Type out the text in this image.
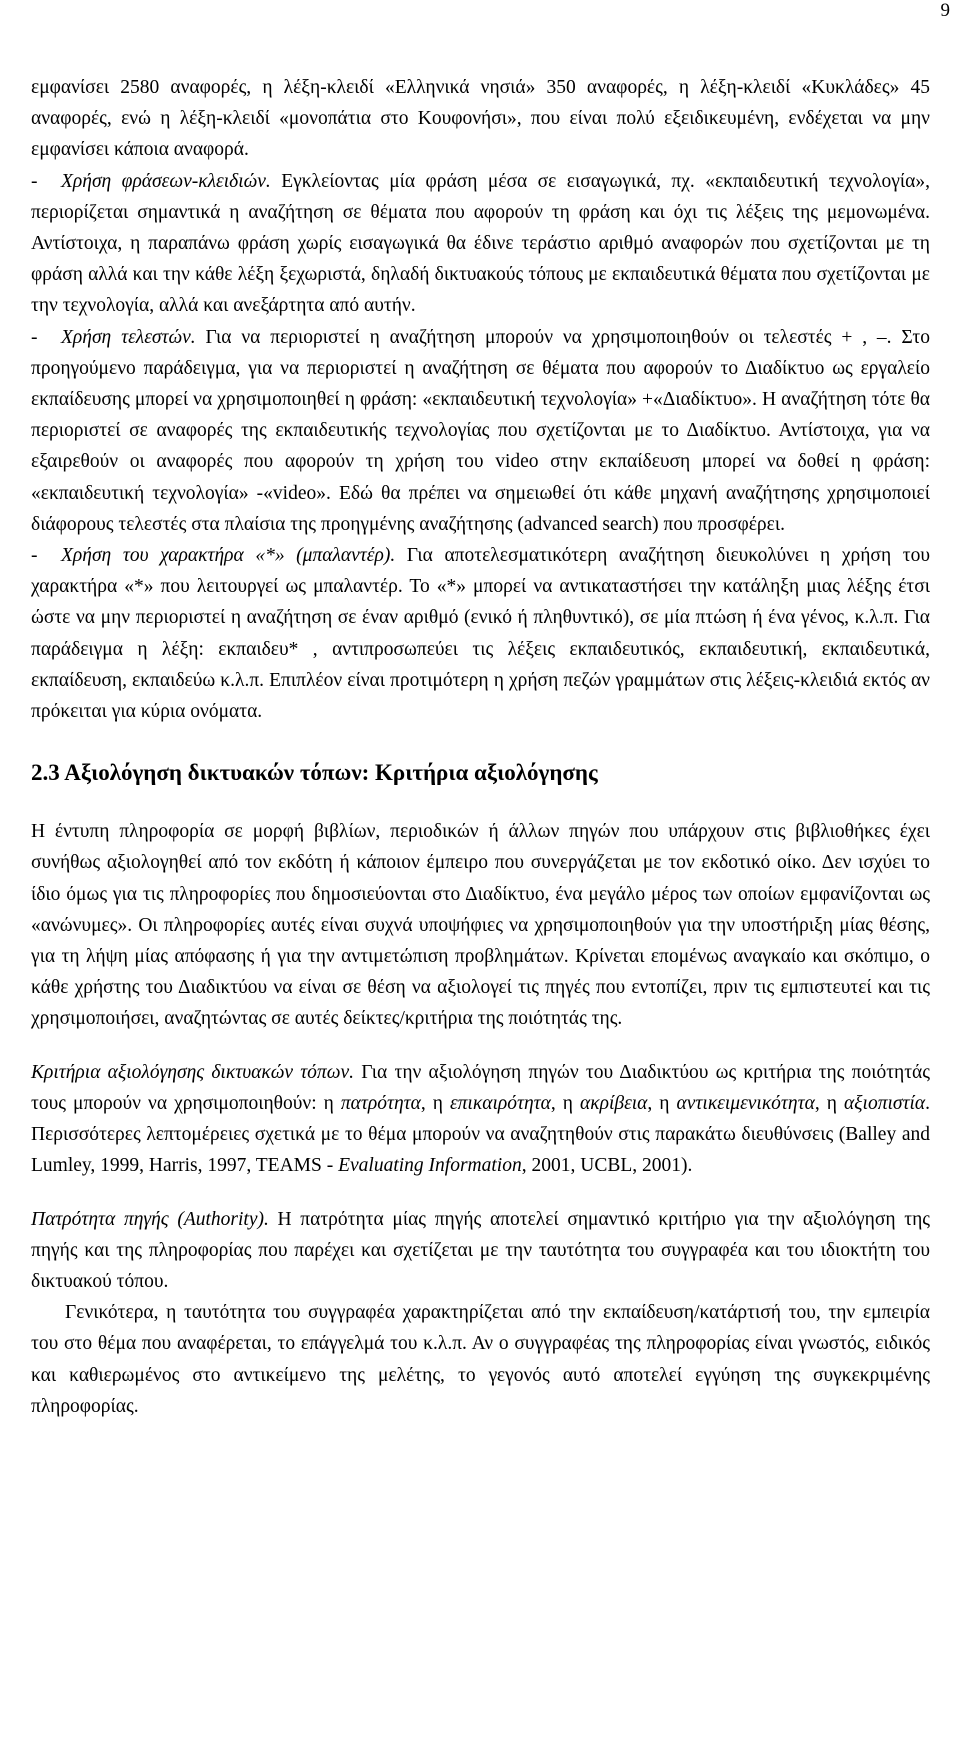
9

εμφανίσει 2580 αναφορές, η λέξη-κλειδί «Ελληνικά νησιά» 350 αναφορές, η λέξη-κλειδί «Κυκλάδες» 45 αναφορές, ενώ η λέξη-κλειδί «μονοπάτια στο Κουφονήσι», που είναι πολύ εξειδικευμένη, ενδέχεται να μην εμφανίσει κάποια αναφορά.

- Χρήση φράσεων-κλειδιών. Εγκλείοντας μία φράση μέσα σε εισαγωγικά, πχ. «εκπαιδευτική τεχνολογία», περιορίζεται σημαντικά η αναζήτηση σε θέματα που αφορούν τη φράση και όχι τις λέξεις της μεμονωμένα. Αντίστοιχα, η παραπάνω φράση χωρίς εισαγωγικά θα έδινε τεράστιο αριθμό αναφορών που σχετίζονται με τη φράση αλλά και την κάθε λέξη ξεχωριστά, δηλαδή δικτυακούς τόπους με εκπαιδευτικά θέματα που σχετίζονται με την τεχνολογία, αλλά και ανεξάρτητα από αυτήν.

- Χρήση τελεστών. Για να περιοριστεί η αναζήτηση μπορούν να χρησιμοποιηθούν οι τελεστές + , –. Στο προηγούμενο παράδειγμα, για να περιοριστεί η αναζήτηση σε θέματα που αφορούν το Διαδίκτυο ως εργαλείο εκπαίδευσης μπορεί να χρησιμοποιηθεί η φράση: «εκπαιδευτική τεχνολογία» +«Διαδίκτυο». Η αναζήτηση τότε θα περιοριστεί σε αναφορές της εκπαιδευτικής τεχνολογίας που σχετίζονται με το Διαδίκτυο. Αντίστοιχα, για να εξαιρεθούν οι αναφορές που αφορούν τη χρήση του video στην εκπαίδευση μπορεί να δοθεί η φράση: «εκπαιδευτική τεχνολογία» -«video». Εδώ θα πρέπει να σημειωθεί ότι κάθε μηχανή αναζήτησης χρησιμοποιεί διάφορους τελεστές στα πλαίσια της προηγμένης αναζήτησης (advanced search) που προσφέρει.

- Χρήση του χαρακτήρα «*» (μπαλαντέρ). Για αποτελεσματικότερη αναζήτηση διευκολύνει η χρήση του χαρακτήρα «*» που λειτουργεί ως μπαλαντέρ. Το «*» μπορεί να αντικαταστήσει την κατάληξη μιας λέξης έτσι ώστε να μην περιοριστεί η αναζήτηση σε έναν αριθμό (ενικό ή πληθυντικό), σε μία πτώση ή ένα γένος, κ.λ.π. Για παράδειγμα η λέξη: εκπαιδευ* , αντιπροσωπεύει τις λέξεις εκπαιδευτικός, εκπαιδευτική, εκπαιδευτικά, εκπαίδευση, εκπαιδεύω κ.λ.π. Επιπλέον είναι προτιμότερη η χρήση πεζών γραμμάτων στις λέξεις-κλειδιά εκτός αν πρόκειται για κύρια ονόματα.

2.3 Αξιολόγηση δικτυακών τόπων: Κριτήρια αξιολόγησης

Η έντυπη πληροφορία σε μορφή βιβλίων, περιοδικών ή άλλων πηγών που υπάρχουν στις βιβλιοθήκες έχει συνήθως αξιολογηθεί από τον εκδότη ή κάποιον έμπειρο που συνεργάζεται με τον εκδοτικό οίκο. Δεν ισχύει το ίδιο όμως για τις πληροφορίες που δημοσιεύονται στο Διαδίκτυο, ένα μεγάλο μέρος των οποίων εμφανίζονται ως «ανώνυμες». Οι πληροφορίες αυτές είναι συχνά υποψήφιες να χρησιμοποιηθούν για την υποστήριξη μίας θέσης, για τη λήψη μίας απόφασης ή για την αντιμετώπιση προβλημάτων. Κρίνεται επομένως αναγκαίο και σκόπιμο, ο κάθε χρήστης του Διαδικτύου να είναι σε θέση να αξιολογεί τις πηγές που εντοπίζει, πριν τις εμπιστευτεί και τις χρησιμοποιήσει, αναζητώντας σε αυτές δείκτες/κριτήρια της ποιότητάς της.

Κριτήρια αξιολόγησης δικτυακών τόπων. Για την αξιολόγηση πηγών του Διαδικτύου ως κριτήρια της ποιότητάς τους μπορούν να χρησιμοποιηθούν: η πατρότητα, η επικαιρότητα, η ακρίβεια, η αντικειμενικότητα, η αξιοπιστία. Περισσότερες λεπτομέρειες σχετικά με το θέμα μπορούν να αναζητηθούν στις παρακάτω διευθύνσεις (Balley and Lumley, 1999, Harris, 1997, TEAMS - Evaluating Information, 2001, UCBL, 2001).

Πατρότητα πηγής (Authority). Η πατρότητα μίας πηγής αποτελεί σημαντικό κριτήριο για την αξιολόγηση της πηγής και της πληροφορίας που παρέχει και σχετίζεται με την ταυτότητα του συγγραφέα και του ιδιοκτήτη του δικτυακού τόπου.

Γενικότερα, η ταυτότητα του συγγραφέα χαρακτηρίζεται από την εκπαίδευση/κατάρτισή του, την εμπειρία του στο θέμα που αναφέρεται, το επάγγελμά του κ.λ.π. Αν ο συγγραφέας της πληροφορίας είναι γνωστός, ειδικός και καθιερωμένος στο αντικείμενο της μελέτης, το γεγονός αυτό αποτελεί εγγύηση της συγκεκριμένης πληροφορίας.
